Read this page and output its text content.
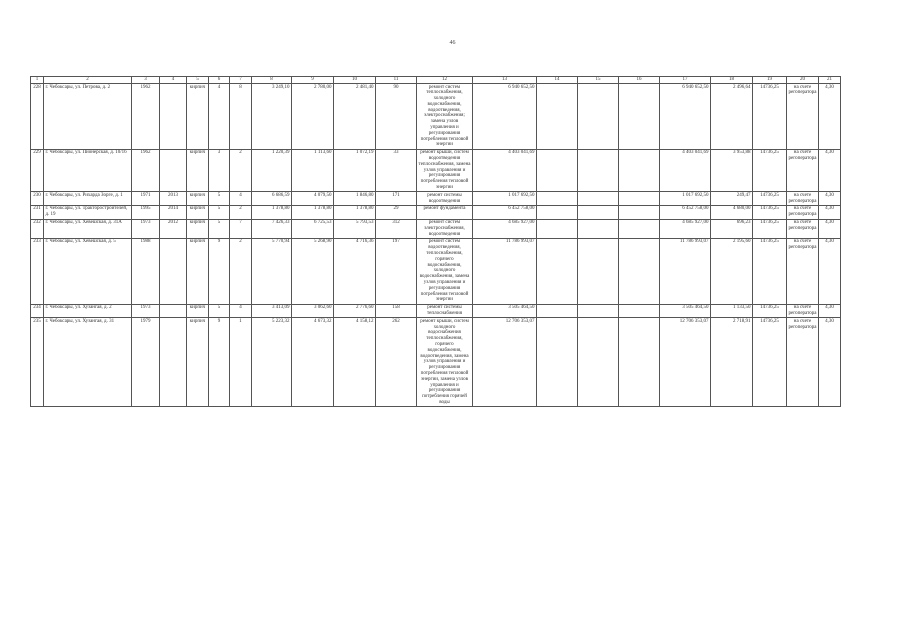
46
1	2	3	4	5	6	7	8	9	10	11	12	13	14	15	16	17	18	19	20	21
228	г. Чебоксары, ул. Петрова, д. 2	1962		кирпич	4	8	3 249,10	2 780,00	2 481,40	90	ремонт систем теплоснабжения, холодного водоснабжения, водоотведения, электроснабжения; замена узлов управления и регулирования потребления тепловой энергии	6 940 652,50				6 940 652,50	2 496,64	14736,25	на счете регоператора	4,30
229	г. Чебоксары, ул. Пионерская, д. 10/16	1962		кирпич	3	2	1 220,39	1 113,60	1 072,19	33	ремонт крыши, систем водоотведения теплоснабжения, замена узлов управления и регулирования потребления тепловой энергии	4 403 041,69				4 403 041,69	3 953,88	14736,25	на счете регоператора	4,30
230	г. Чебоксары, ул. Рихарда Зорге, д. 1	1971	2013	кирпич	5	4	6 686,59	4 079,50	1 846,80	171	ремонт системы водоотведения	1 017 692,50				1 017 692,50	249,47	14736,25	на счете регоператора	4,30
231	г. Чебоксары, ул. Тракторостроителей, д. 19	1995	2014	кирпич	5	2	1 378,80	1 378,80	1 378,80	29	ремонт фундамента	6 452 758,00				6 452 758,00	4 680,00	14736,25	на счете регоператора	4,30
232	г. Чебоксары, ул. Хевешская, д. 31А	1973	2012	кирпич	5	7	7 426,33	6 725,53	5 793,53	312	ремонт систем электроснабжения, водоотведения	4 685 927,00				4 685 927,00	696,23	14736,25	на счете регоператора	4,30
233	г. Чебоксары, ул. Хевешская, д. 5	1988		кирпич	9	2	5 770,94	5 268,90	4 716,36	197	ремонт систем водоотведения, теплоснабжения, горячего водоснабжения, холодного водоснабжения, замена узлов управления и регулирования потребления тепловой энергии	11 786 993,07				11 786 993,07	2 195,60	14736,25	на счете регоператора	4,30
234	г. Чебоксары, ул. Хузангая, д. 2	1973		кирпич	5	4	3 413,09	3 062,60	2 776,60	158	ремонт системы теплоснабжения	3 505 464,50				3 505 464,50	1 133,50	14736,25	на счете регоператора	4,30
235	г. Чебоксары, ул. Хузангая, д. 31	1979		кирпич	9	1	5 223,32	4 673,32	4 158,12	262	ремонт крыши, систем холодного водоснабжения теплоснабжения, горячего водоснабжения, водоотведения, замена узлов управления и регулирования потребления тепловой энергии, замена узлов управления и регулирования потребления горячей воды	12 706 353,07				12 706 353,07	2 718,91	14736,25	на счете регоператора	4,30
